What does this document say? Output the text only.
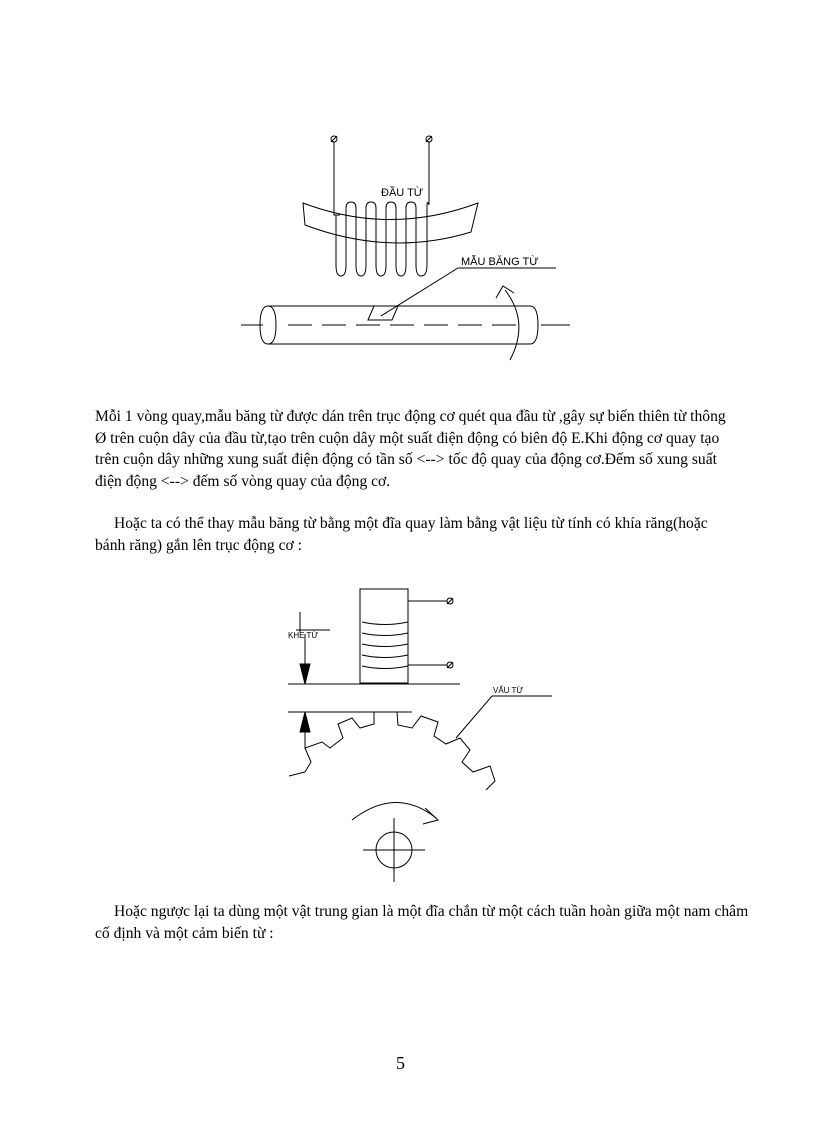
ĐẦU TỪ
MẪU BĂNG TỪ
KHE TỪ
VẤU TỪ

Mỗi 1 vòng quay,mẫu băng từ được dán trên trục động cơ quét qua đầu từ ,gây sự biến thiên từ thông Ø trên cuộn dây của đầu từ,tạo trên cuộn dây một suất điện động có biên độ E.Khi động cơ quay tạo trên cuộn dây những xung suất điện động có tần số <--> tốc độ quay của động cơ.Đếm số xung suất điện động <--> đếm số vòng quay của động cơ.

Hoặc ta có thể thay mẫu băng từ bằng một đĩa quay làm bằng vật liệu từ tính có khía răng(hoặc bánh răng) gắn lên trục động cơ :

Hoặc ngược lại ta dùng một vật trung gian là một đĩa chắn từ một cách tuần hoàn giữa một nam châm cố định và một cảm biến từ :

5
